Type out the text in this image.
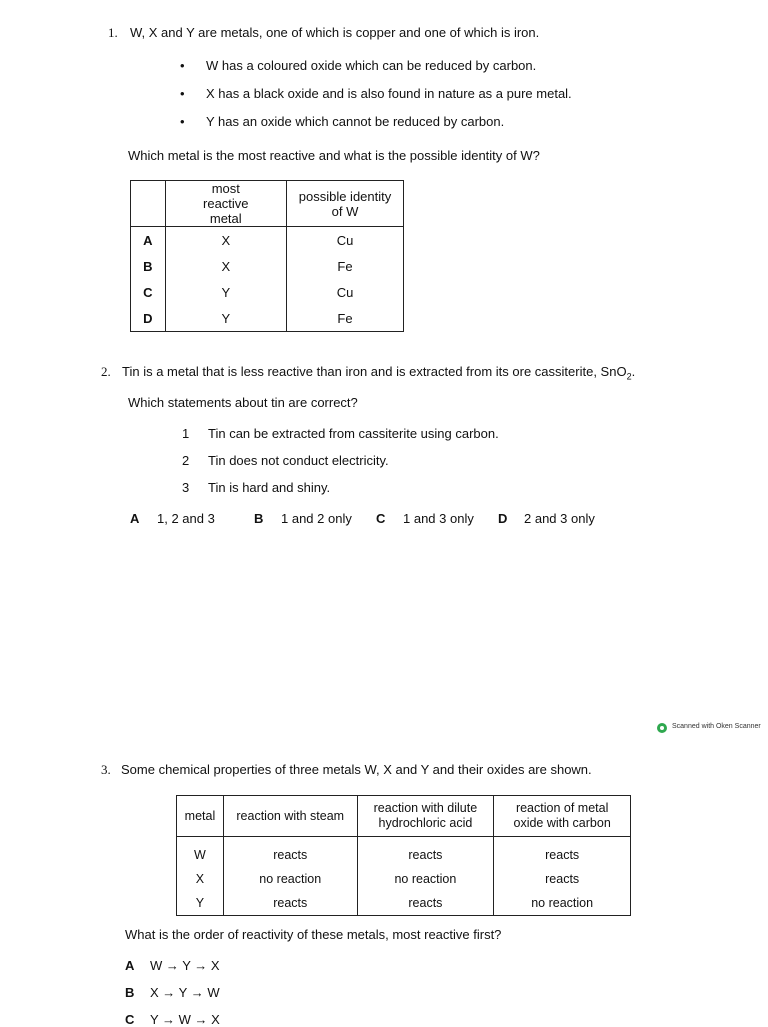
1. W, X and Y are metals, one of which is copper and one of which is iron.
• W has a coloured oxide which can be reduced by carbon.
• X has a black oxide and is also found in nature as a pure metal.
• Y has an oxide which cannot be reduced by carbon.
Which metal is the most reactive and what is the possible identity of W?
	most reactive metal	possible identity of W
A	X	Cu
B	X	Fe
C	Y	Cu
D	Y	Fe
2. Tin is a metal that is less reactive than iron and is extracted from its ore cassiterite, SnO$_2$.
Which statements about tin are correct?
1 Tin can be extracted from cassiterite using carbon.
2 Tin does not conduct electricity.
3 Tin is hard and shiny.
A 1, 2 and 3	B 1 and 2 only C 1 and 3 only D 2 and 3 only
Scanned with Oken Scanner
3. Some chemical properties of three metals W, X and Y and their oxides are shown.
metal	reaction with steam	reaction with dilute hydrochloric acid	reaction of metal oxide with carbon
W	reacts	reacts	reacts
X	no reaction	no reaction	reacts
Y	reacts	reacts	no reaction
What is the order of reactivity of these metals, most reactive first?
A W → Y → X
B X → Y → W
C Y → W → X
